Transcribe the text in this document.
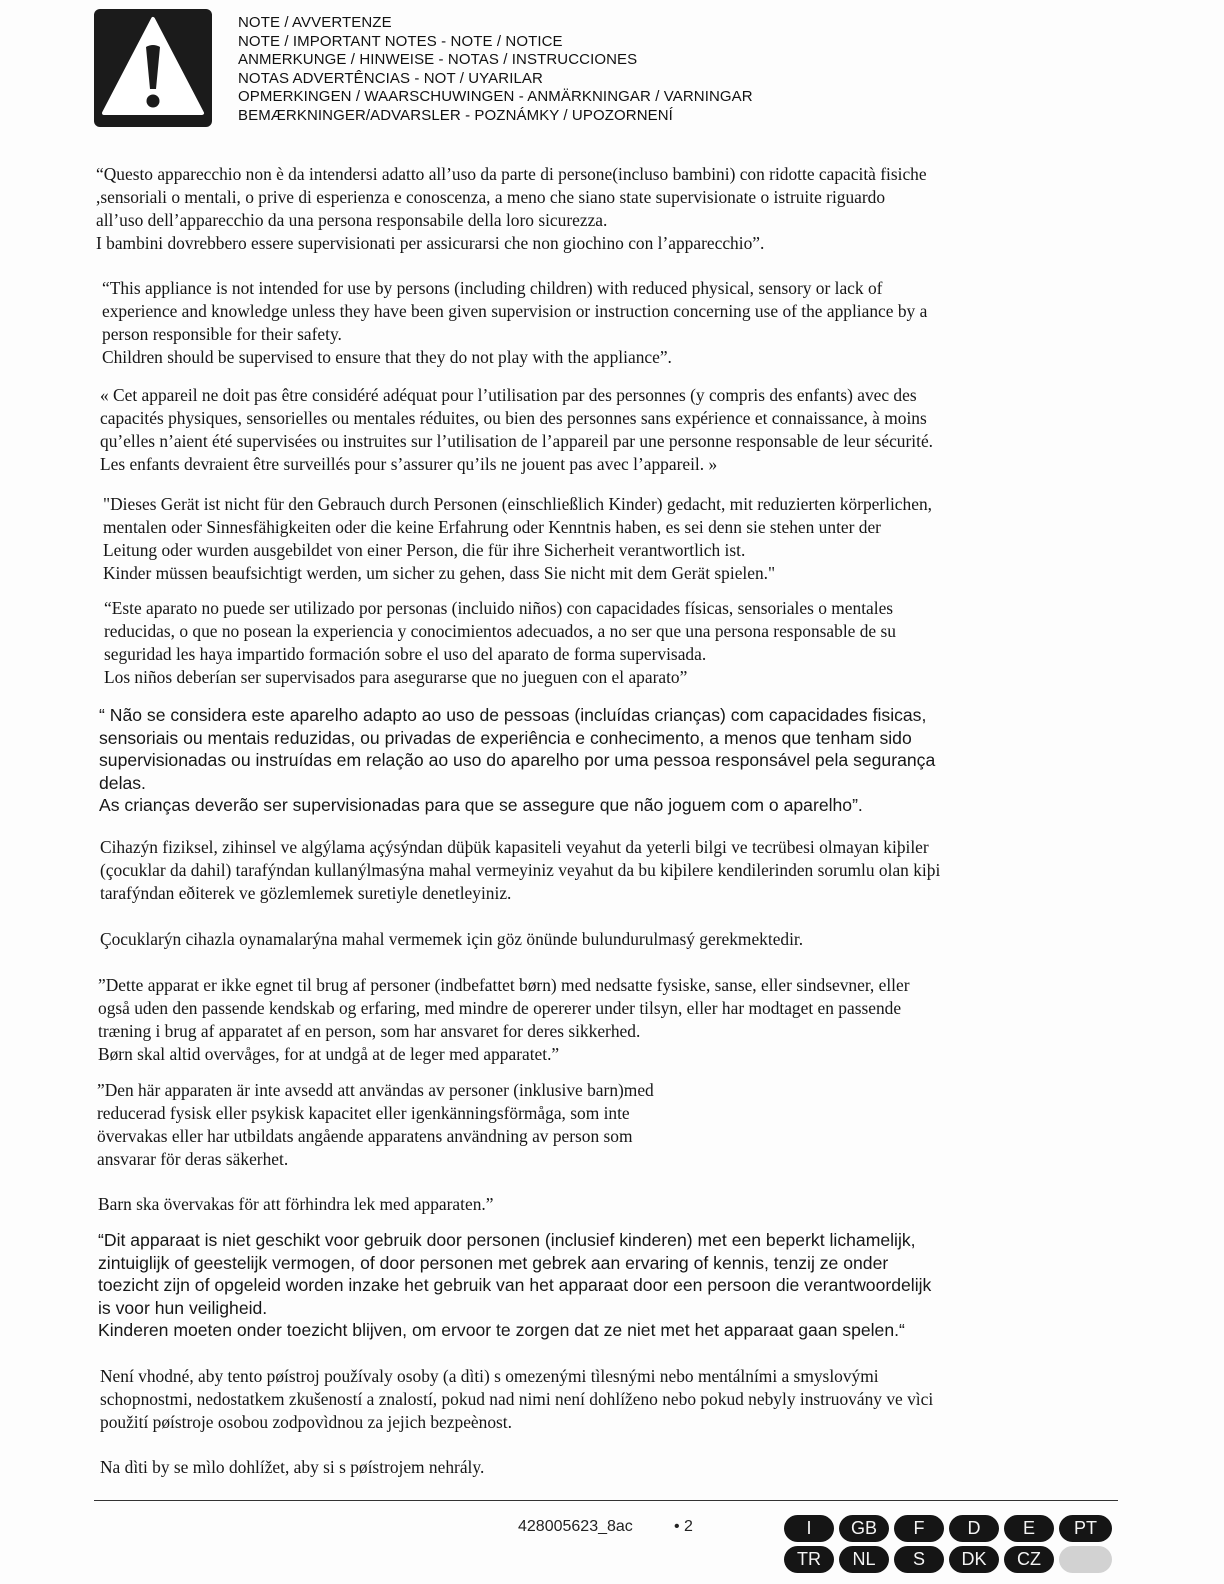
NOTE / AVVERTENZE
NOTE / IMPORTANT NOTES - NOTE / NOTICE
ANMERKUNGE / HINWEISE - NOTAS / INSTRUCCIONES
NOTAS ADVERTÊNCIAS - NOT / UYARILAR
OPMERKINGEN / WAARSCHUWINGEN - ANMÄRKNINGAR / VARNINGAR
BEMÆRKNINGER/ADVARSLER - POZNÁMKY / UPOZORNENÍ

“Questo apparecchio non è da intendersi adatto all’uso da parte di persone(incluso bambini) con ridotte capacità fisiche
,sensoriali o mentali, o prive di esperienza e conoscenza, a meno che siano state supervisionate o istruite riguardo
all’uso dell’apparecchio da una persona responsabile della loro sicurezza.
I bambini dovrebbero essere supervisionati per assicurarsi che non giochino con l’apparecchio”.

“This appliance is not intended for use by persons (including children) with reduced physical, sensory or lack of
experience and knowledge unless they have been given supervision or instruction concerning use of the appliance by a
person responsible for their safety.
Children should be supervised to ensure that they do not play with the appliance”.

« Cet appareil ne doit pas être considéré adéquat pour l’utilisation par des personnes (y compris des enfants) avec des
capacités physiques, sensorielles ou mentales réduites, ou bien des personnes sans expérience et connaissance, à moins
qu’elles n’aient été supervisées ou instruites sur l’utilisation de l’appareil par une personne responsable de leur sécurité.
Les enfants devraient être surveillés pour s’assurer qu’ils ne jouent pas avec l’appareil. »

"Dieses Gerät ist nicht für den Gebrauch durch Personen (einschließlich Kinder) gedacht, mit reduzierten körperlichen,
mentalen oder Sinnesfähigkeiten oder die keine Erfahrung oder Kenntnis haben, es sei denn sie stehen unter der
Leitung oder wurden ausgebildet von einer Person, die für ihre Sicherheit verantwortlich ist.
Kinder müssen beaufsichtigt werden, um sicher zu gehen, dass Sie nicht mit dem Gerät spielen."

“Este aparato no puede ser utilizado por personas (incluido niños) con capacidades físicas, sensoriales o mentales
reducidas, o que no posean la experiencia y conocimientos adecuados, a no ser que una persona responsable de su
seguridad les haya impartido formación sobre el uso del aparato de forma supervisada.
Los niños deberían ser supervisados para asegurarse que no jueguen con el aparato”

“ Não se considera este aparelho adapto ao uso de pessoas (incluídas crianças) com capacidades fisicas,
sensoriais ou mentais reduzidas, ou privadas de experiência e conhecimento, a menos que tenham sido
supervisionadas ou instruídas em relação ao uso do aparelho por uma pessoa responsável pela segurança
delas.
As crianças deverão ser supervisionadas para que se assegure que não joguem com o aparelho”.

Cihazýn fiziksel, zihinsel ve algýlama açýsýndan düþük kapasiteli veyahut da yeterli bilgi ve tecrübesi olmayan kiþiler
(çocuklar da dahil) tarafýndan kullanýlmasýna mahal vermeyiniz veyahut da bu kiþilere kendilerinden sorumlu olan kiþi
tarafýndan eðiterek ve gözlemlemek suretiyle denetleyiniz.

Çocuklarýn cihazla oynamalarýna mahal vermemek için göz önünde bulundurulmasý gerekmektedir.

”Dette apparat er ikke egnet til brug af personer (indbefattet børn) med nedsatte fysiske, sanse, eller sindsevner, eller
også uden den passende kendskab og erfaring, med mindre de opererer under tilsyn, eller har modtaget en passende
træning i brug af apparatet af en person, som har ansvaret for deres sikkerhed.
Børn skal altid overvåges, for at undgå at de leger med apparatet.”

”Den här apparaten är inte avsedd att användas av personer (inklusive barn)med
reducerad fysisk eller psykisk kapacitet eller igenkänningsförmåga, som inte
övervakas eller har utbildats angående apparatens användning av person som
ansvarar för deras säkerhet.

Barn ska övervakas för att förhindra lek med apparaten.”

“Dit apparaat is niet geschikt voor gebruik door personen (inclusief kinderen) met een beperkt lichamelijk,
zintuiglijk of geestelijk vermogen, of door personen met gebrek aan ervaring of kennis, tenzij ze onder
toezicht zijn of opgeleid worden inzake het gebruik van het apparaat door een persoon die verantwoordelijk
is voor hun veiligheid.
Kinderen moeten onder toezicht blijven, om ervoor te zorgen dat ze niet met het apparaat gaan spelen.“

Není vhodné, aby tento pøístroj používaly osoby (a dìti) s omezenými tìlesnými nebo mentálními a smyslovými
schopnostmi, nedostatkem zkušeností a znalostí, pokud nad nimi není dohlíženo nebo pokud nebyly instruovány ve vìci
použití pøístroje osobou zodpovìdnou za jejich bezpeènost.

Na dìti by se mìlo dohlížet, aby si s pøístrojem nehrály.

428005623_8ac	• 2	I	GB	F	D	E	PT
TR	NL	S	DK	CZ
